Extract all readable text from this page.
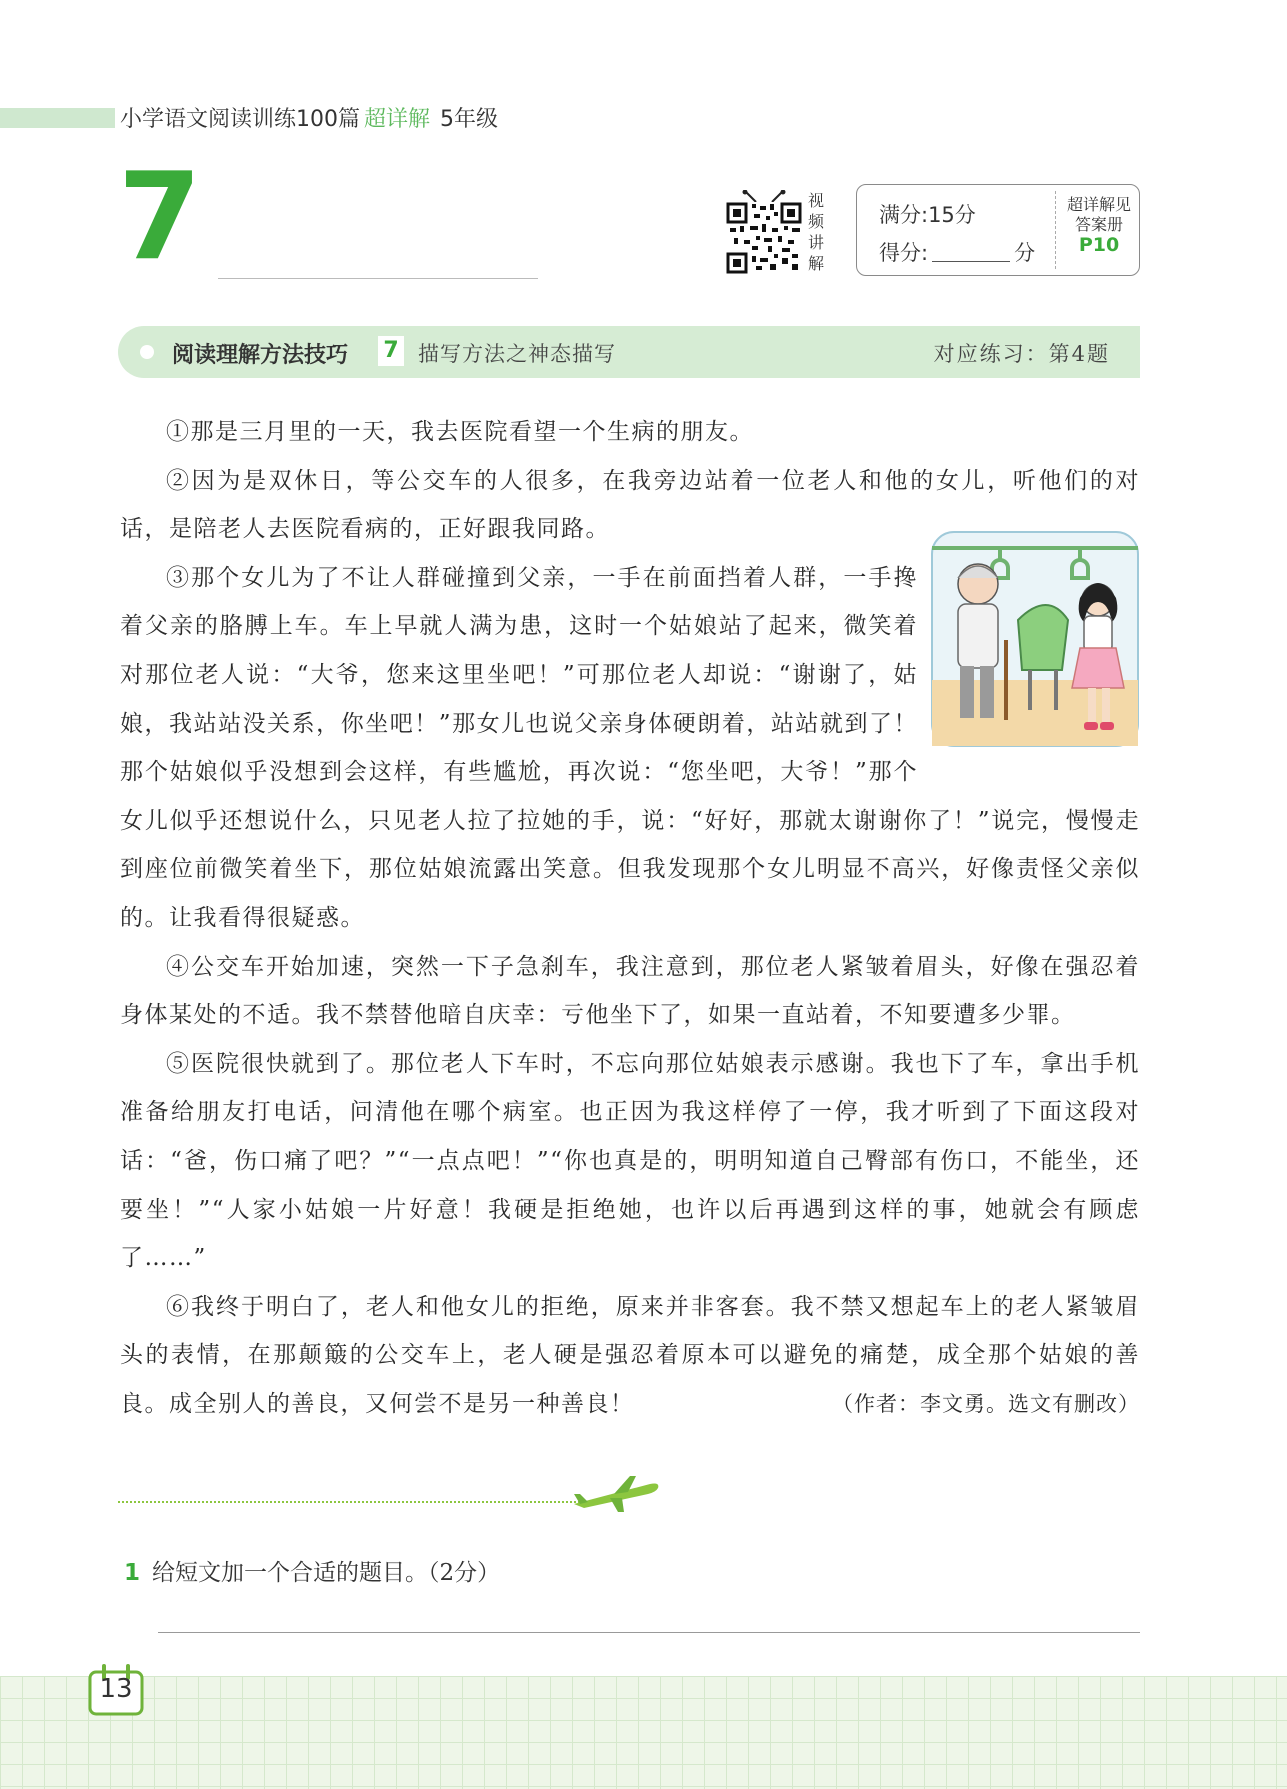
小学语文阅读训练100篇 超详解 5年级
7	视
频
讲
解
满分:15分
得分:	分
超详解见
答案册
P10
阅读理解方法技巧 7 描写方法之神态描写	对应练习：第4题

①那是三月里的一天，我去医院看望一个生病的朋友。

②因为是双休日，等公交车的人很多，在我旁边站着一位老人和他的女儿，听他们的对话，是陪老人去医院看病的，正好跟我同路。

③那个女儿为了不让人群碰撞到父亲，一手在前面挡着人群，一手搀着父亲的胳膊上车。车上早就人满为患，这时一个姑娘站了起来，微笑着对那位老人说：“大爷，您来这里坐吧！”可那位老人却说：“谢谢了，姑娘，我站站没关系，你坐吧！”那女儿也说父亲身体硬朗着，站站就到了！那个姑娘似乎没想到会这样，有些尴尬，再次说：“您坐吧，大爷！”那个女儿似乎还想说什么，只见老人拉了拉她的手，说：“好好，那就太谢谢你了！”说完，慢慢走到座位前微笑着坐下，那位姑娘流露出笑意。但我发现那个女儿明显不高兴，好像责怪父亲似的。让我看得很疑惑。

④公交车开始加速，突然一下子急刹车，我注意到，那位老人紧皱着眉头，好像在强忍着身体某处的不适。我不禁替他暗自庆幸：亏他坐下了，如果一直站着，不知要遭多少罪。

⑤医院很快就到了。那位老人下车时，不忘向那位姑娘表示感谢。我也下了车，拿出手机准备给朋友打电话，问清他在哪个病室。也正因为我这样停了一停，我才听到了下面这段对话：“爸，伤口痛了吧？”“一点点吧！”“你也真是的，明明知道自己臀部有伤口，不能坐，还要坐！”“人家小姑娘一片好意！我硬是拒绝她，也许以后再遇到这样的事，她就会有顾虑了……”

⑥我终于明白了，老人和他女儿的拒绝，原来并非客套。我不禁又想起车上的老人紧皱眉头的表情，在那颠簸的公交车上，老人硬是强忍着原本可以避免的痛楚，成全那个姑娘的善良。成全别人的善良，又何尝不是另一种善良！	（作者：李文勇。选文有删改）

1 给短文加一个合适的题目。（2分）
13
